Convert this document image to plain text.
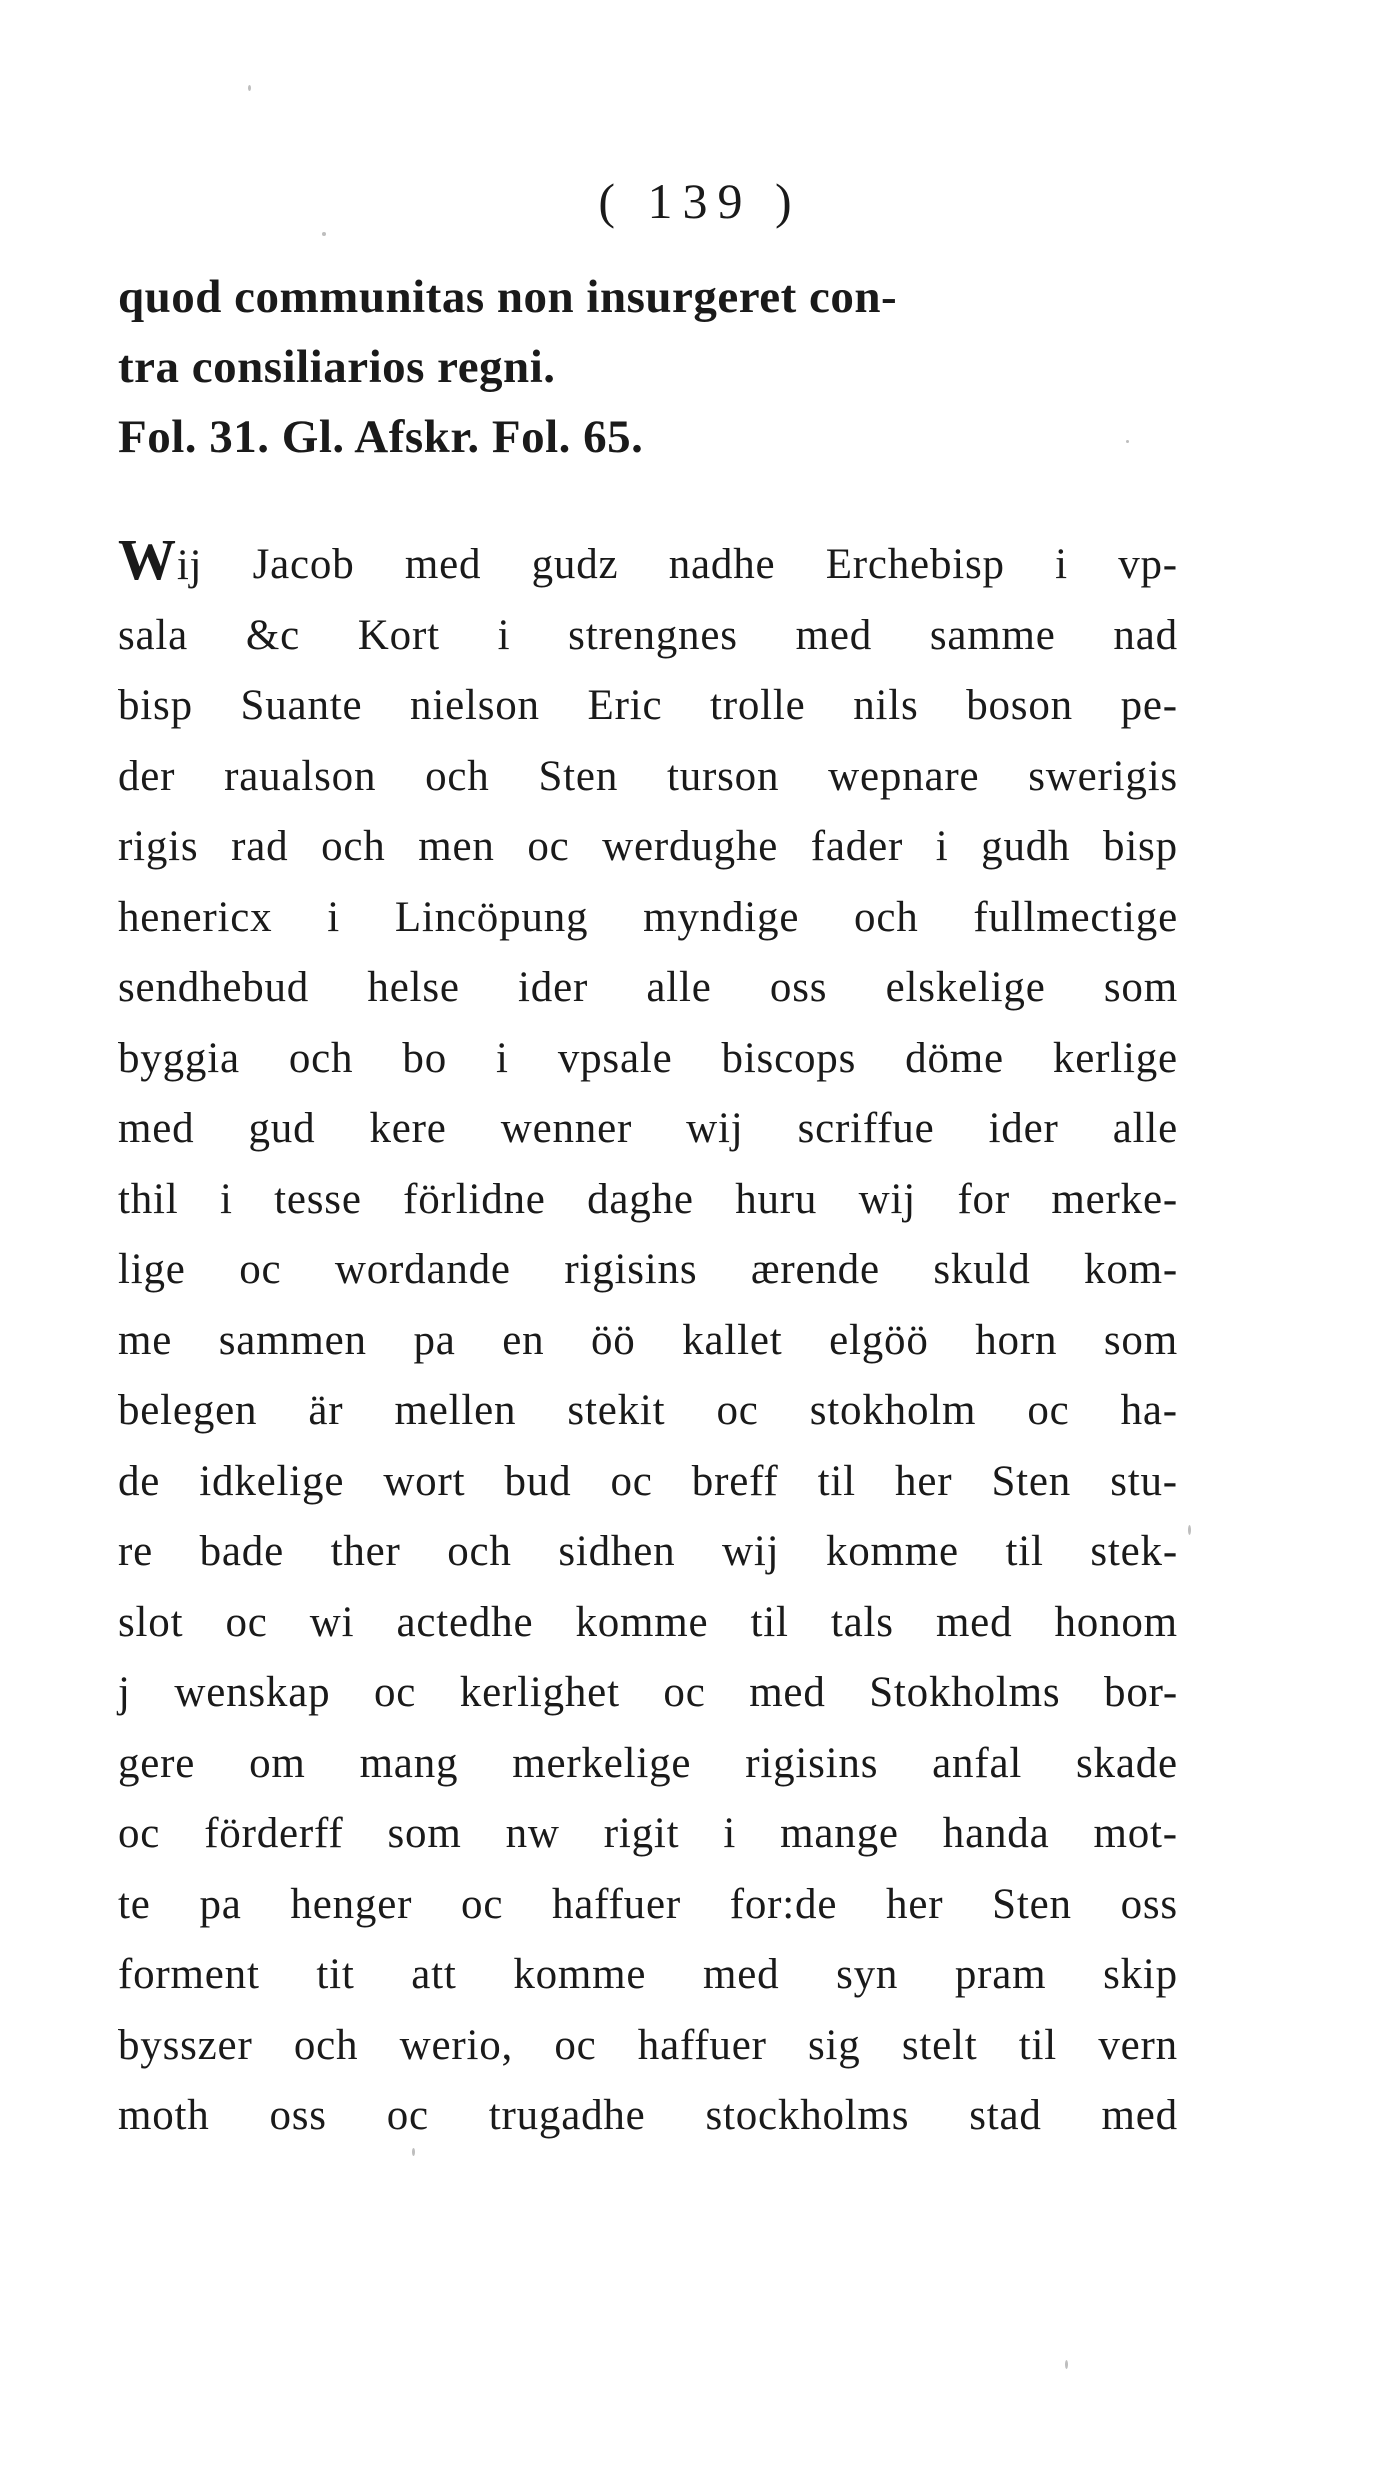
( 139 )
quod communitas non insurgeret con-
tra consiliarios regni.
Fol. 31. Gl. Afskr. Fol. 65.
Wij Jacob med gudz nadhe Erchebisp i vp-
sala &c Kort i strengnes med samme nad
bisp Suante nielson Eric trolle nils boson pe-
der raualson och Sten turson wepnare swerigis
rigis rad och men oc werdughe fader i gudh bisp
henericx i Lincöpung myndige och fullmectige
sendhebud helse ider alle oss elskelige som
byggia och bo i vpsale biscops döme kerlige
med gud kere wenner wij scriffue ider alle
thil i tesse förlidne daghe huru wij for merke-
lige oc wordande rigisins ærende skuld kom-
me sammen pa en öö kallet elgöö horn som
belegen är mellen stekit oc stokholm oc ha-
de idkelige wort bud oc breff til her Sten stu-
re bade ther och sidhen wij komme til stek-
slot oc wi actedhe komme til tals med honom
j wenskap oc kerlighet oc med Stokholms bor-
gere om mang merkelige rigisins anfal skade
oc förderff som nw rigit i mange handa mot-
te pa henger oc haffuer for:de her Sten oss
forment tit att komme med syn pram skip
bysszer och werio, oc haffuer sig stelt til vern
moth oss oc trugadhe stockholms stad med
